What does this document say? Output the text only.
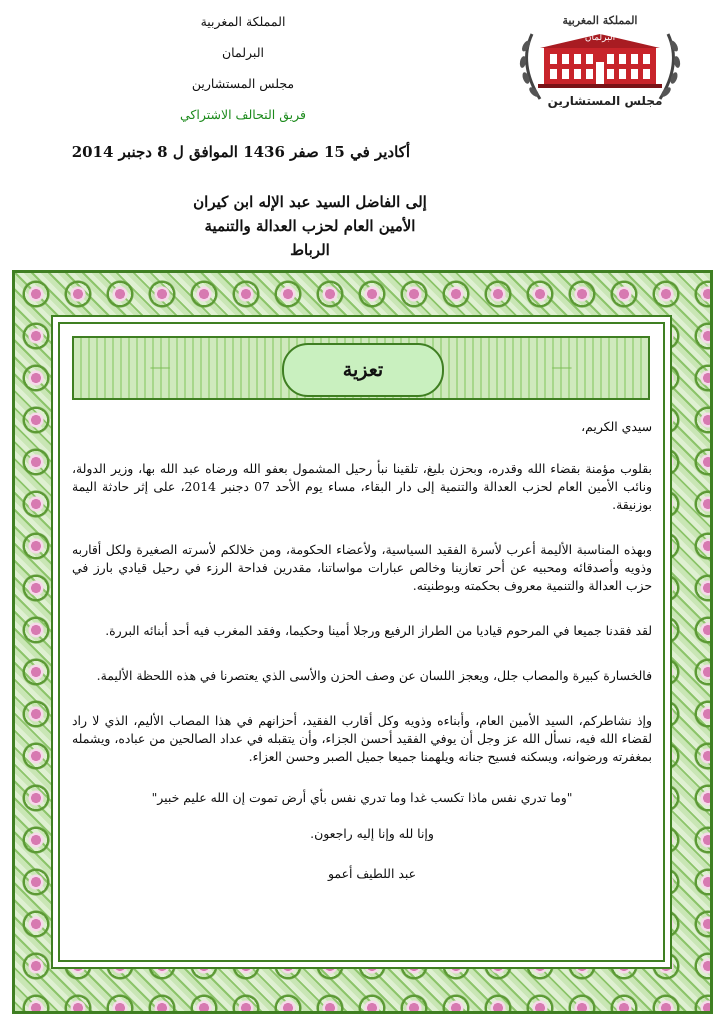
المملكة المغربية
البرلمان
مجلس المستشارين
فريق التحالف الاشتراكي
المملكة المغربية
البرلمان
مجلس المستشارين
أكادير في 15 صفر 1436 الموافق ل 8 دجنبر 2014
إلى الفاضل السيد عبد الإله ابن كيران
الأمين العام لحزب العدالة والتنمية
الرباط
تعزية

سيدي الكريم،

بقلوب مؤمنة بقضاء الله وقدره، وبحزن بليغ، تلقينا نبأ رحيل المشمول بعفو الله ورضاه عبد الله بها، وزير الدولة، ونائب الأمين العام لحزب العدالة والتنمية إلى دار البقاء، مساء يوم الأحد 07 دجنبر 2014، على إثر حادثة اليمة بوزنيقة.

وبهذه المناسبة الأليمة أعرب لأسرة الفقيد السياسية، ولأعضاء الحكومة، ومن خلالكم لأسرته الصغيرة ولكل أقاربه وذويه وأصدقائه ومحبيه عن أحر تعازينا وخالص عبارات مواساتنا، مقدرين فداحة الرزء في رحيل قيادي بارز في حزب العدالة والتنمية معروف بحكمته وبوطنيته.

لقد فقدنا جميعا في المرحوم قياديا من الطراز الرفيع ورجلا أمينا وحكيما، وفقد المغرب فيه أحد أبنائه البررة.

فالخسارة كبيرة والمصاب جلل، ويعجز اللسان عن وصف الحزن والأسى الذي يعتصرنا في هذه اللحظة الأليمة.

وإذ نشاطركم، السيد الأمين العام، وأبناءه وذويه وكل أقارب الفقيد، أحزانهم في هذا المصاب الأليم، الذي لا راد لقضاء الله فيه، نسأل الله عز وجل أن يوفي الفقيد أحسن الجزاء، وأن يتقبله في عداد الصالحين من عباده، ويشمله بمغفرته ورضوانه، ويسكنه فسيح جنانه ويلهمنا جميعا جميل الصبر وحسن العزاء.

"وما تدري نفس ماذا تكسب غدا وما تدري نفس بأي أرض تموت إن الله عليم خبير"

وإنا لله وإنا إليه راجعون.

عبد اللطيف أعمو
